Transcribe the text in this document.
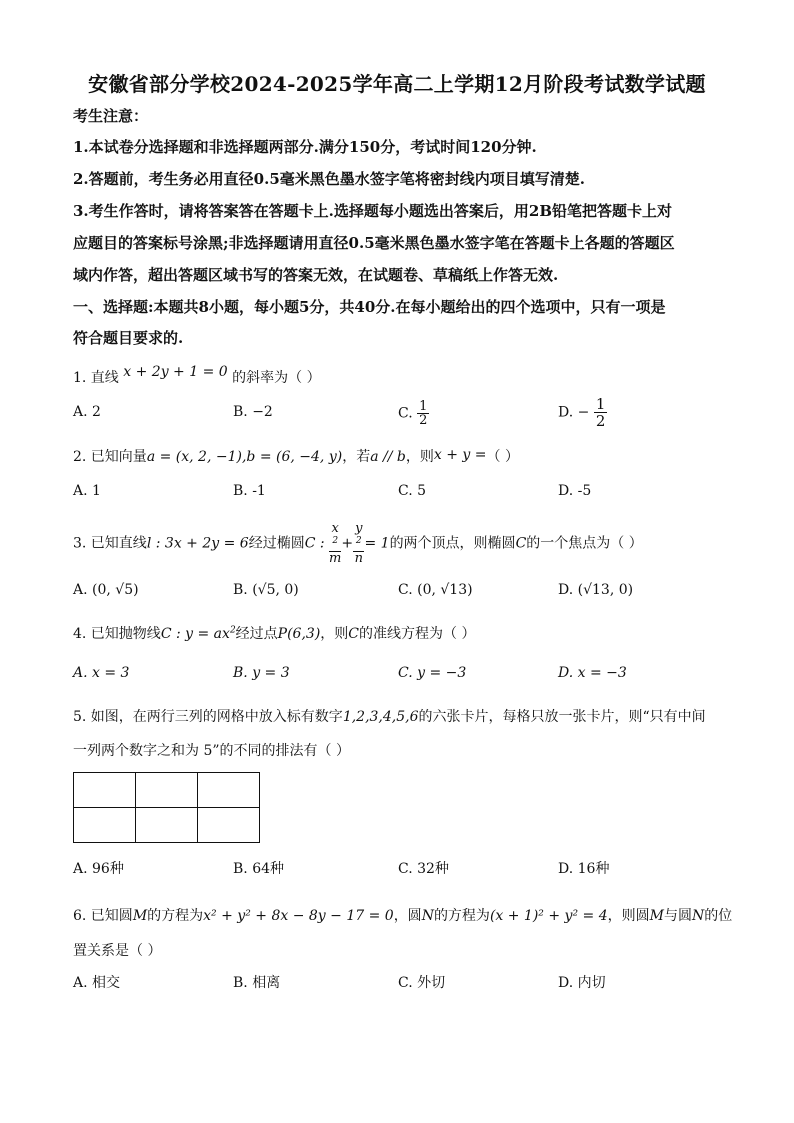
安徽省部分学校2024-2025学年高二上学期12月阶段考试数学试题
考生注意：
1.本试卷分选择题和非选择题两部分.满分150分，考试时间120分钟.
2.答题前，考生务必用直径0.5毫米黑色墨水签字笔将密封线内项目填写清楚.
3.考生作答时，请将答案答在答题卡上.选择题每小题选出答案后，用2B铅笔把答题卡上对
应题目的答案标号涂黑;非选择题请用直径0.5毫米黑色墨水签字笔在答题卡上各题的答题区
域内作答，超出答题区域书写的答案无效，在试题卷、草稿纸上作答无效.
一、选择题:本题共8小题，每小题5分，共40分.在每小题给出的四个选项中，只有一项是
符合题目要求的.
1. 直线 x + 2y + 1 = 0 的斜率为（ ）
A. 2	B. −2	C. $\frac{1}{2}$	D. − $\frac{1}{2}$
2. 已知向量a = (x, 2, −1),b = (6, −4, y)，若a // b，则x + y =（ ）
A. 1	B. -1	C. 5	D. -5
3. 已知直线l : 3x + 2y = 6经过椭圆C : x
$^2$
m + y
$^2$
n = 1的两个顶点，则椭圆C的一个焦点为（ ）
A. (0, √5)	B. (√5, 0)	C. (0, √13)	D. (√13, 0)
4. 已知抛物线C : $y = ax^2$经过点P(6,3)，则C的准线方程为（ ）
A. x = 3	B. y = 3	C. y = −3	D. x = −3
5. 如图，在两行三列的网格中放入标有数字1,2,3,4,5,6的六张卡片，每格只放一张卡片，则“只有中间
一列两个数字之和为 5”的不同的排法有（ ）

A. 96种	B. 64种	C. 32种	D. 16种
6. 已知圆M的方程为x² + y² + 8x − 8y − 17 = 0，圆N的方程为(x + 1)² + y² = 4，则圆M与圆N的位
置关系是（ ）
A. 相交	B. 相离	C. 外切	D. 内切
